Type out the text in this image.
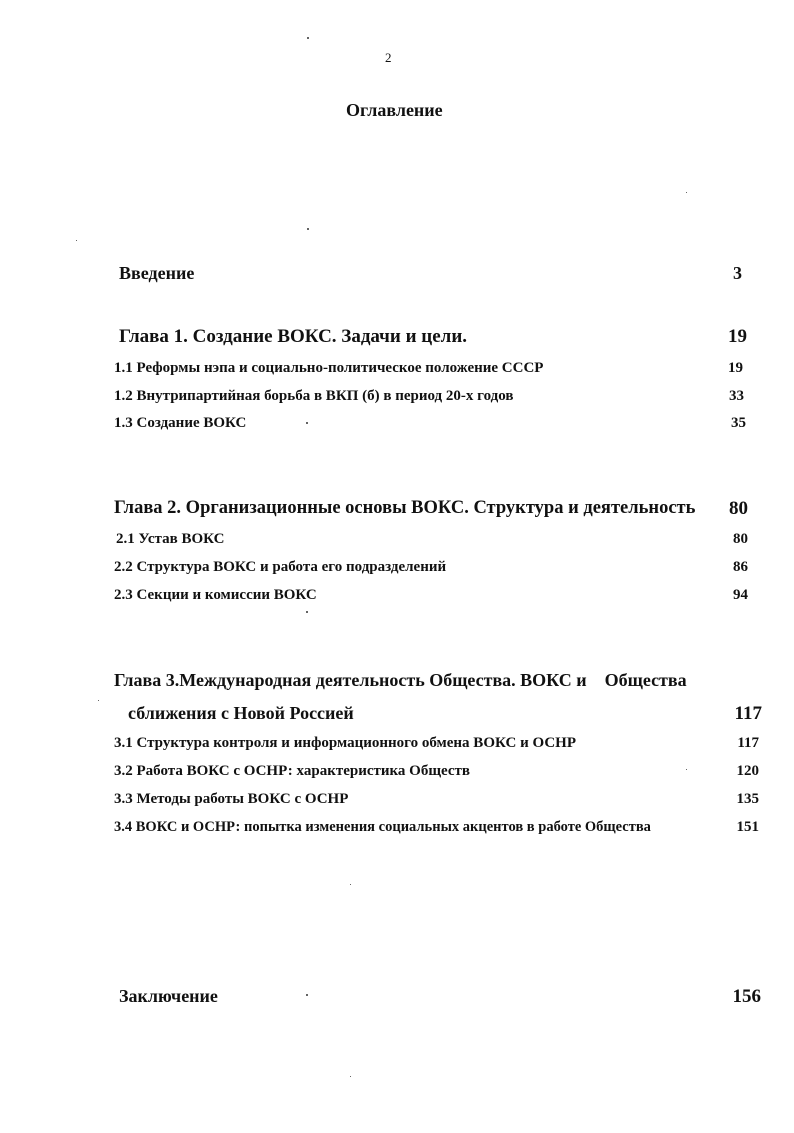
2
Оглавление
Введение	3
Глава 1. Создание ВОКС. Задачи и цели.	19
1.1 Реформы нэпа и социально-политическое положение СССР	19
1.2 Внутрипартийная борьба в ВКП (б) в период 20-х годов	33
1.3 Создание ВОКС	35
Глава 2. Организационные основы ВОКС. Структура и деятельность 80
2.1 Устав ВОКС	80
2.2 Структура ВОКС и работа его подразделений	86
2.3 Секции и комиссии ВОКС	94
Глава 3.Международная деятельность Общества. ВОКС и    Общества
сближения с Новой Россией	117
3.1 Структура контроля и информационного обмена ВОКС и ОСНР	117
3.2 Работа ВОКС с ОСНР: характеристика Обществ	120
3.3 Методы работы ВОКС с ОСНР	135
3.4 ВОКС и ОСНР: попытка изменения социальных акцентов в работе Общества	151
Заключение	156
